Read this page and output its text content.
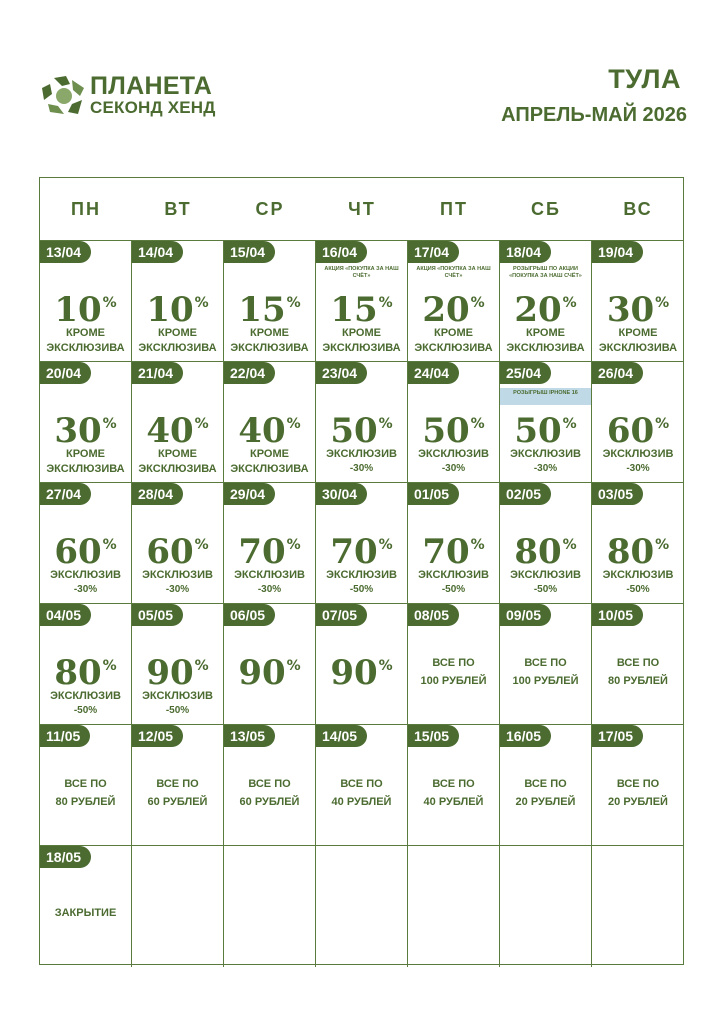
ПЛАНЕТА
СЕКОНД ХЕНД
ТУЛА
АПРЕЛЬ-МАЙ 2026
ПН	ВТ	СР	ЧТ	ПТ	СБ	ВС
13/04
10%
КРОМЕ
ЭКСКЛЮЗИВА
14/04
10%
КРОМЕ
ЭКСКЛЮЗИВА
15/04
15%
КРОМЕ
ЭКСКЛЮЗИВА
16/04
АКЦИЯ «ПОКУПКА ЗА НАШ СЧЁТ»
15%
КРОМЕ
ЭКСКЛЮЗИВА
17/04
АКЦИЯ «ПОКУПКА ЗА НАШ СЧЁТ»
20%
КРОМЕ
ЭКСКЛЮЗИВА
18/04
РОЗЫГРЫШ ПО АКЦИИ «ПОКУПКА ЗА НАШ СЧЁТ»
20%
КРОМЕ
ЭКСКЛЮЗИВА
19/04
30%
КРОМЕ
ЭКСКЛЮЗИВА
20/04
30%
КРОМЕ
ЭКСКЛЮЗИВА
21/04
40%
КРОМЕ
ЭКСКЛЮЗИВА
22/04
40%
КРОМЕ
ЭКСКЛЮЗИВА
23/04
50%
ЭКСКЛЮЗИВ
-30%
24/04
50%
ЭКСКЛЮЗИВ
-30%
25/04
РОЗЫГРЫШ IPHONE 16
50%
ЭКСКЛЮЗИВ
-30%
26/04
60%
ЭКСКЛЮЗИВ
-30%
27/04
60%
ЭКСКЛЮЗИВ
-30%
28/04
60%
ЭКСКЛЮЗИВ
-30%
29/04
70%
ЭКСКЛЮЗИВ
-30%
30/04
70%
ЭКСКЛЮЗИВ
-50%
01/05
70%
ЭКСКЛЮЗИВ
-50%
02/05
80%
ЭКСКЛЮЗИВ
-50%
03/05
80%
ЭКСКЛЮЗИВ
-50%
04/05
80%
ЭКСКЛЮЗИВ
-50%
05/05
90%
ЭКСКЛЮЗИВ
-50%
06/05
90%
07/05
90%
08/05
ВСЕ ПО
100 РУБЛЕЙ
09/05
ВСЕ ПО
100 РУБЛЕЙ
10/05
ВСЕ ПО
80 РУБЛЕЙ
11/05
ВСЕ ПО
80 РУБЛЕЙ
12/05
ВСЕ ПО
60 РУБЛЕЙ
13/05
ВСЕ ПО
60 РУБЛЕЙ
14/05
ВСЕ ПО
40 РУБЛЕЙ
15/05
ВСЕ ПО
40 РУБЛЕЙ
16/05
ВСЕ ПО
20 РУБЛЕЙ
17/05
ВСЕ ПО
20 РУБЛЕЙ
18/05
ЗАКРЫТИЕ
